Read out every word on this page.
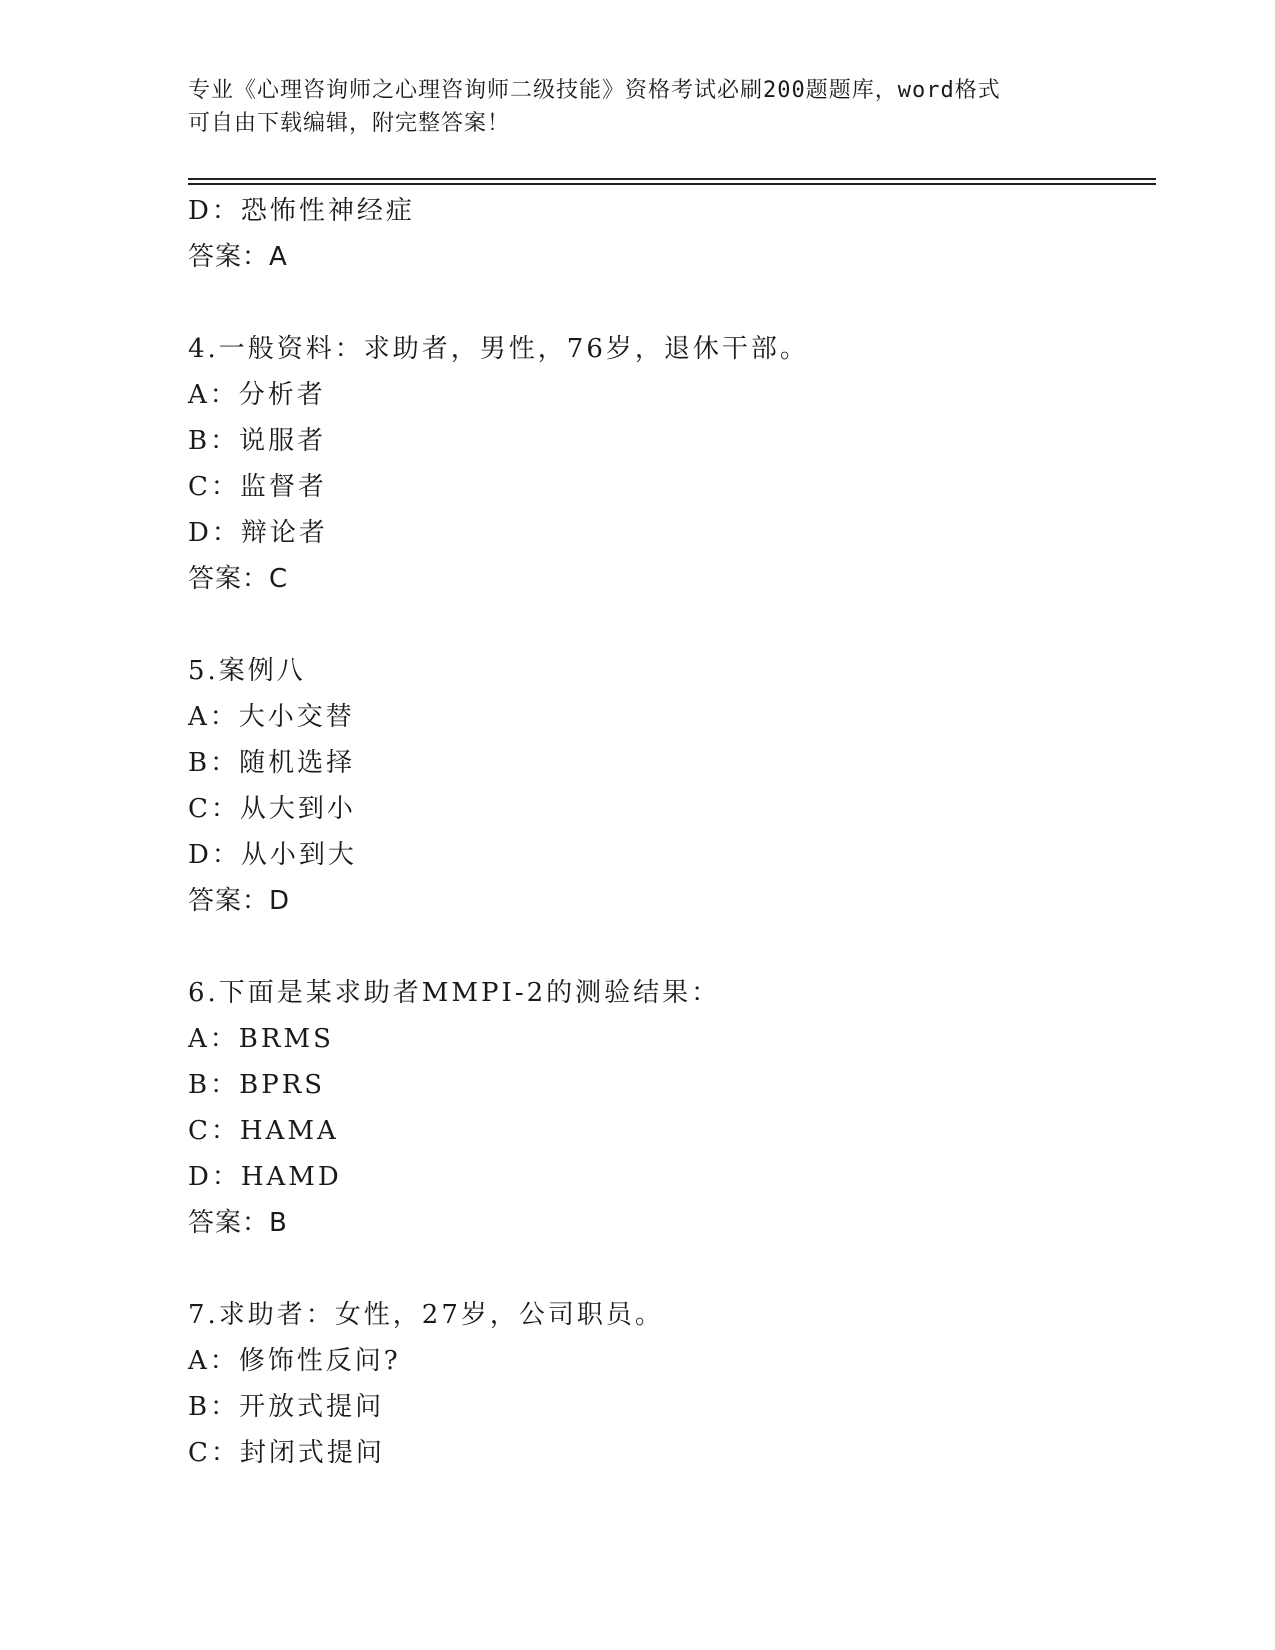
专业《心理咨询师之心理咨询师二级技能》资格考试必刷200题题库，word格式
可自由下载编辑，附完整答案！
D：恐怖性神经症
答案：A
4.一般资料：求助者，男性，76岁，退休干部。
A：分析者
B：说服者
C：监督者
D：辩论者
答案：C
5.案例八
A：大小交替
B：随机选择
C：从大到小
D：从小到大
答案：D
6.下面是某求助者MMPI-2的测验结果：
A：BRMS
B：BPRS
C：HAMA
D：HAMD
答案：B
7.求助者：女性，27岁，公司职员。
A：修饰性反问?
B：开放式提问
C：封闭式提问
